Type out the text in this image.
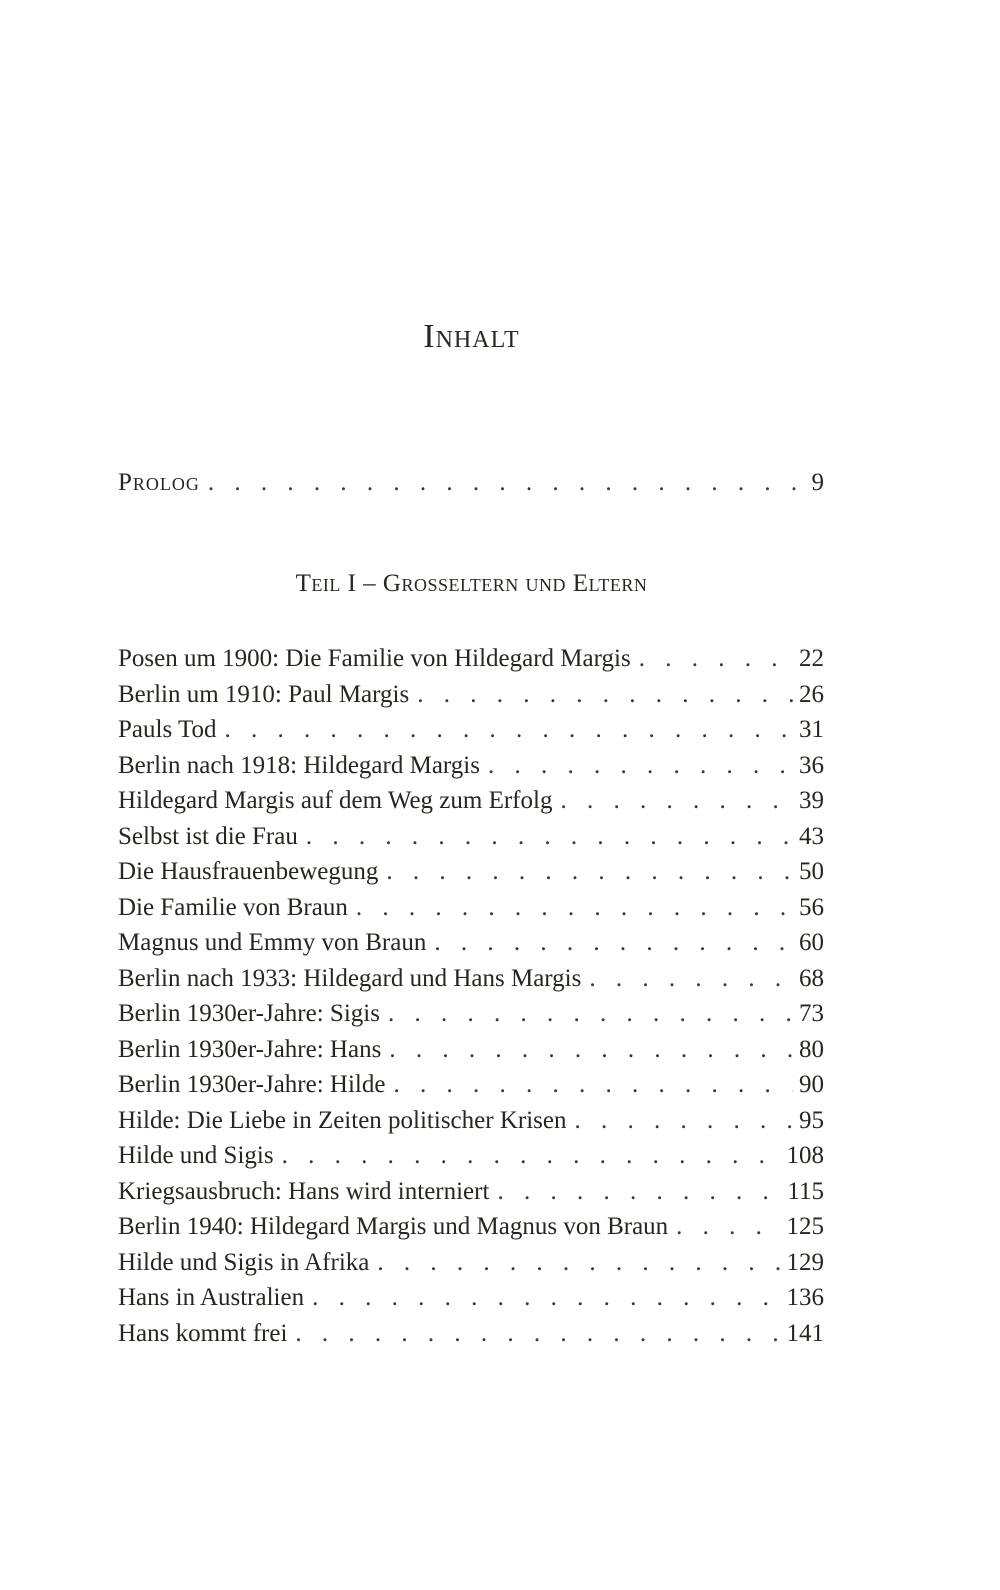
Inhalt
Prolog . . .	9
Teil I – Grosseltern und Eltern
Posen um 1900: Die Familie von Hildegard Margis . . .	22
Berlin um 1910: Paul Margis . . .	26
Pauls Tod . . .	31
Berlin nach 1918: Hildegard Margis . . .	36
Hildegard Margis auf dem Weg zum Erfolg . . .	39
Selbst ist die Frau . . .	43
Die Hausfrauenbewegung . . .	50
Die Familie von Braun . . .	56
Magnus und Emmy von Braun . . .	60
Berlin nach 1933: Hildegard und Hans Margis . . .	68
Berlin 1930er-Jahre: Sigis . . .	73
Berlin 1930er-Jahre: Hans . . .	80
Berlin 1930er-Jahre: Hilde . . .	90
Hilde: Die Liebe in Zeiten politischer Krisen . . .	95
Hilde und Sigis . . .	108
Kriegsausbruch: Hans wird interniert . . .	115
Berlin 1940: Hildegard Margis und Magnus von Braun . . .	125
Hilde und Sigis in Afrika . . .	129
Hans in Australien . . .	136
Hans kommt frei . . .	141
